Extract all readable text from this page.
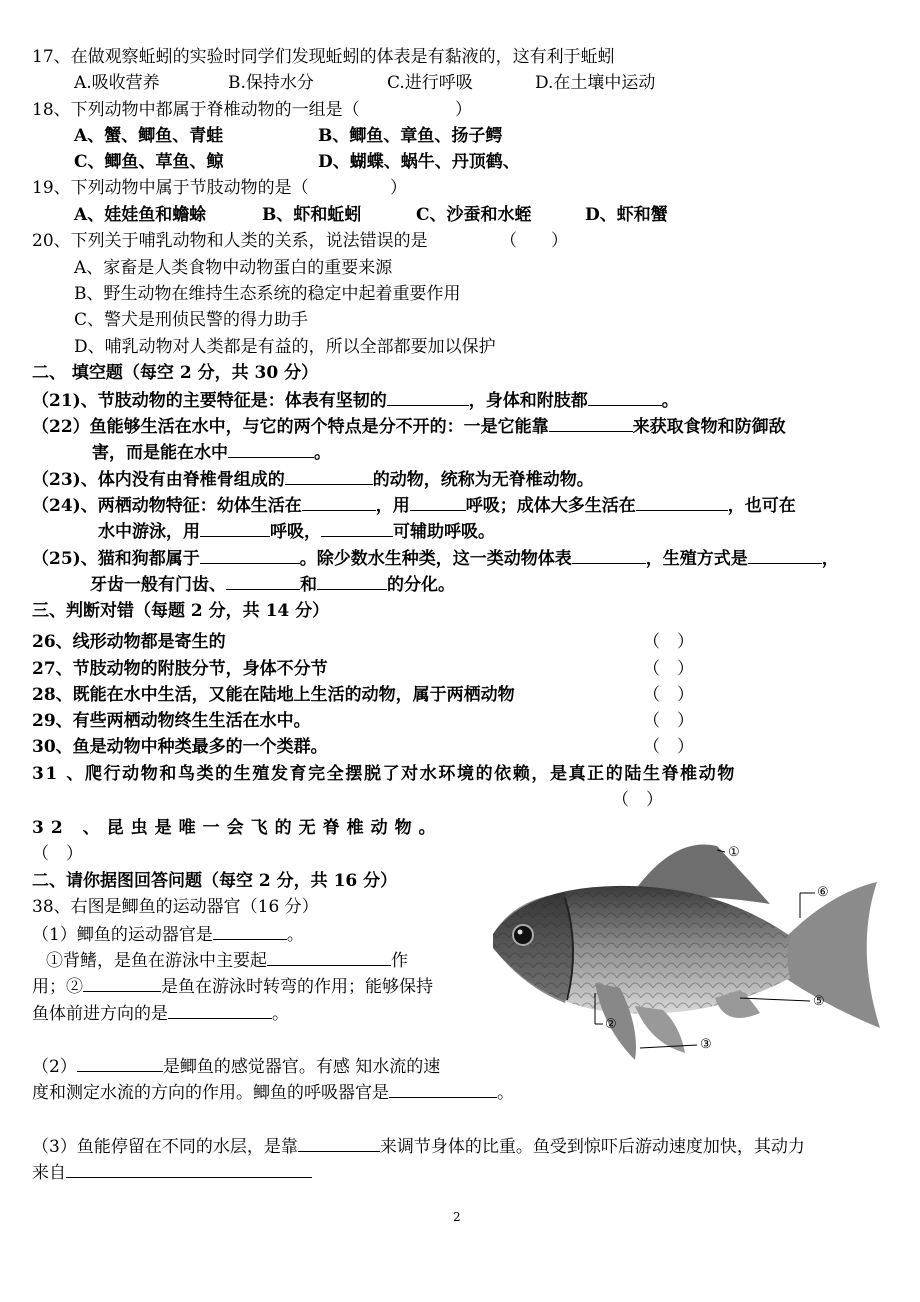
17、在做观察蚯蚓的实验时同学们发现蚯蚓的体表是有黏液的，这有利于蚯蚓
A.吸收营养	B.保持水分	C.进行呼吸	D.在土壤中运动
18、下列动物中都属于脊椎动物的一组是（	）
A、蟹、鲫鱼、青蛙	B、鲫鱼、章鱼、扬子鳄
C、鲫鱼、草鱼、鲸	D、蝴蝶、蜗牛、丹顶鹤、
19、下列动物中属于节肢动物的是（	）
A、娃娃鱼和蟾蜍	B、虾和蚯蚓	C、沙蚕和水蛭	D、虾和蟹
20、下列关于哺乳动物和人类的关系，说法错误的是	（　　）
A、家畜是人类食物中动物蛋白的重要来源
B、野生动物在维持生态系统的稳定中起着重要作用
C、警犬是刑侦民警的得力助手
D、哺乳动物对人类都是有益的，所以全部都要加以保护
二、 填空题（每空 2 分，共 30 分）
（21)、节肢动物的主要特征是：体表有坚韧的	，身体和附肢都	。
（22）鱼能够生活在水中，与它的两个特点是分不开的：一是它能靠	来获取食物和防御敌
害，而是能在水中	。
（23)、体内没有由脊椎骨组成的	的动物，统称为无脊椎动物。
（24)、两栖动物特征：幼体生活在	，用	呼吸；成体大多生活在	，也可在
水中游泳，用	呼吸，	可辅助呼吸。
（25)、猫和狗都属于	。除少数水生种类，这一类动物体表	，生殖方式是	，
牙齿一般有门齿、	和	的分化。
三、判断对错（每题 2 分，共 14 分）
26、线形动物都是寄生的	（　）
27、节肢动物的附肢分节，身体不分节	（　）
28、既能在水中生活，又能在陆地上生活的动物，属于两栖动物	（　）
29、有些两栖动物终生生活在水中。	（　）
30、鱼是动物中种类最多的一个类群。	（　）
31 、爬行动物和鸟类的生殖发育完全摆脱了对水环境的依赖，是真正的陆生脊椎动物
（　）
32 、昆虫是唯一会飞的无脊椎动物。
（　）
二、请你据图回答问题（每空 2 分，共 16 分）
38、右图是鲫鱼的运动器官（16 分）
（1）鲫鱼的运动器官是	。
①背鳍，是鱼在游泳中主要起	作
用；②	是鱼在游泳时转弯的作用；能够保持
鱼体前进方向的是	。
（2）	是鲫鱼的感觉器官。有感 知水流的速
度和测定水流的方向的作用。鲫鱼的呼吸器官是	。
（3）鱼能停留在不同的水层，是靠	来调节身体的比重。鱼受到惊吓后游动速度加快，其动力
来自
①
②
③
⑤
⑥
2
